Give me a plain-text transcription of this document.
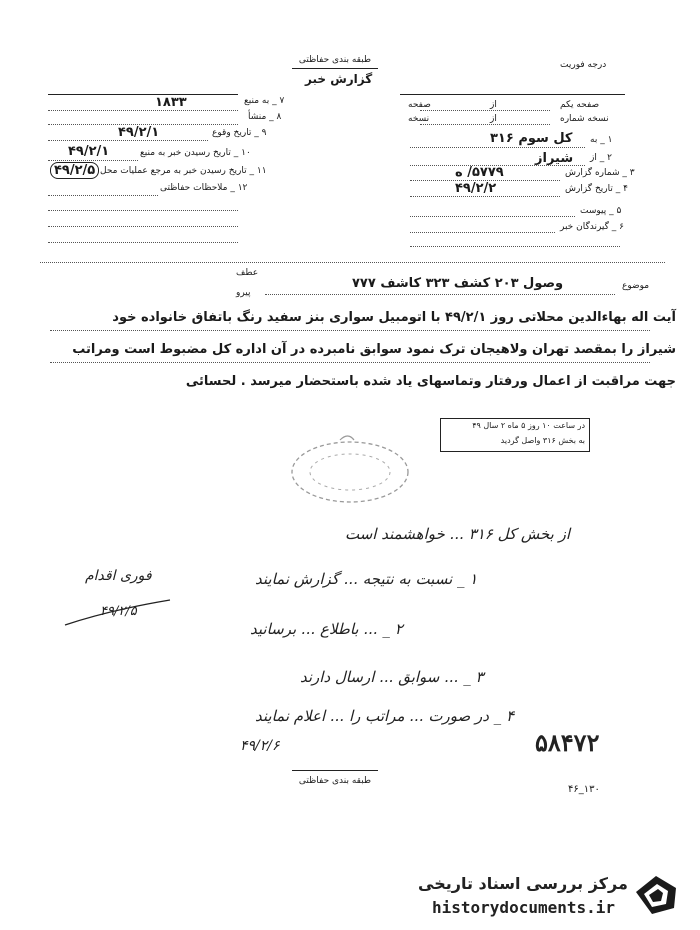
طبقه بندی حفاظتی
گزارش خبر
درجه فوریت
صفحه یکم
از
صفحه
نسخه شماره
از
نسخه
۱ _ به
کل سوم ۳۱۶
۲ _ از
شیراز
۳ _ شماره گزارش
۵۷۷۹/ ه
۴ _ تاریخ گزارش
۴۹/۲/۲
۵ _ پیوست
۶ _ گیرندگان خبر
۷ _ به منبع
۱۸۳۳
۸ _ منشأ
۹ _ تاریخ وقوع
۴۹/۲/۱
۱۰ _ تاریخ رسیدن خبر به منبع
۴۹/۲/۱
۱۱ _ تاریخ رسیدن خبر به مرجع عملیات محل
۴۹/۲/۵
۱۲ _ ملاحظات حفاظتی
موضوع
وصول ۲۰۳ کشف ۳۲۳ کاشف ۷۷۷
عطف
پیرو
آیت اله بهاءالدین محلاتی روز ۴۹/۲/۱ با اتومبیل سواری بنز سفید رنگ باتفاق خانواده خود
شیراز را بمقصد تهران ولاهیجان ترک نمود سوابق نامبرده در آن اداره کل مضبوط است ومراتب
جهت مراقبت از اعمال ورفتار وتماسهای یاد شده باستحضار میرسد . لحسائی
در ساعت ۱۰ روز ۵ ماه ۲ سال ۴۹
به بخش ۳۱۶ واصل گردید
از بخش کل ۳۱۶ ... خواهشمند است
۱ _ نسبت به نتیجه ... گزارش نمایند
۲ _ ... باطلاع ... برسانید
۳ _ ... سوابق ... ارسال دارند
۴ _ در صورت ... مراتب را ... اعلام نمایند
۴۹/۲/۶
فوری اقدام
۴۹/۲/۵
۵۸۴۷۲
طبقه بندی حفاظتی
۴۶_۱۳۰
مرکز بررسی اسناد تاریخی
historydocuments.ir
